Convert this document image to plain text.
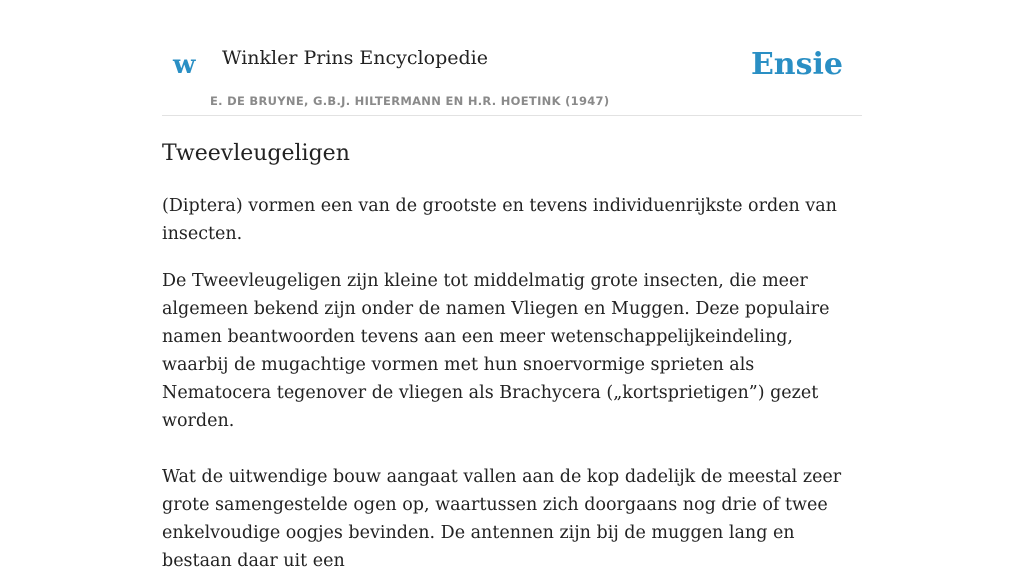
w Winkler Prins Encyclopedie
E. DE BRUYNE, G.B.J. HILTERMANN EN H.R. HOETINK (1947)
Ensie
Tweevleugeligen

(Diptera) vormen een van de grootste en tevens individuenrijkste orden van insecten.

De Tweevleugeligen zijn kleine tot middelmatig grote insecten, die meer algemeen bekend zijn onder de namen Vliegen en Muggen. Deze populaire namen beantwoorden tevens aan een meer wetenschappelijkeindeling, waarbij de mugachtige vormen met hun snoervormige sprieten als Nematocera tegenover de vliegen als Brachycera („kortsprietigen”) gezet worden.

Wat de uitwendige bouw aangaat vallen aan de kop dadelijk de meestal zeer grote samengestelde ogen op, waartussen zich doorgaans nog drie of twee enkelvoudige oogjes bevinden. De antennen zijn bij de muggen lang en bestaan daar uit een
